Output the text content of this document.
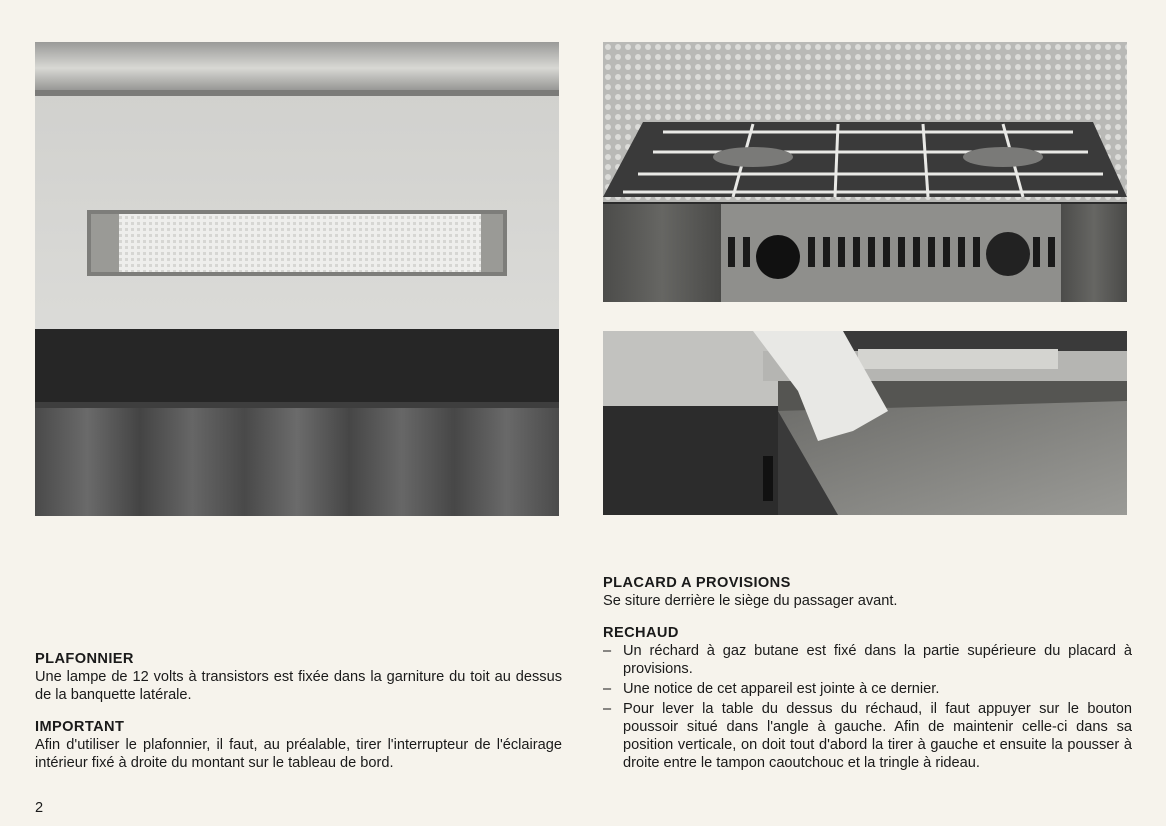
PLAFONNIER

Une lampe de 12 volts à transistors est fixée dans la garniture du toit au dessus de la banquette latérale.

IMPORTANT

Afin d'utiliser le plafonnier, il faut, au préalable, tirer l'interrupteur de l'éclairage intérieur fixé à droite du montant sur le tableau de bord.

PLACARD A PROVISIONS

Se siture derrière le siège du passager avant.

RECHAUD
– Un réchard à gaz butane est fixé dans la partie supérieure du placard à provisions.
– Une notice de cet appareil est jointe à ce dernier.
– Pour lever la table du dessus du réchaud, il faut appuyer sur le bouton poussoir situé dans l'angle à gauche. Afin de maintenir celle-ci dans sa position verticale, on doit tout d'abord la tirer à gauche et ensuite la pousser à droite entre le tampon caoutchouc et la tringle à rideau.
2
